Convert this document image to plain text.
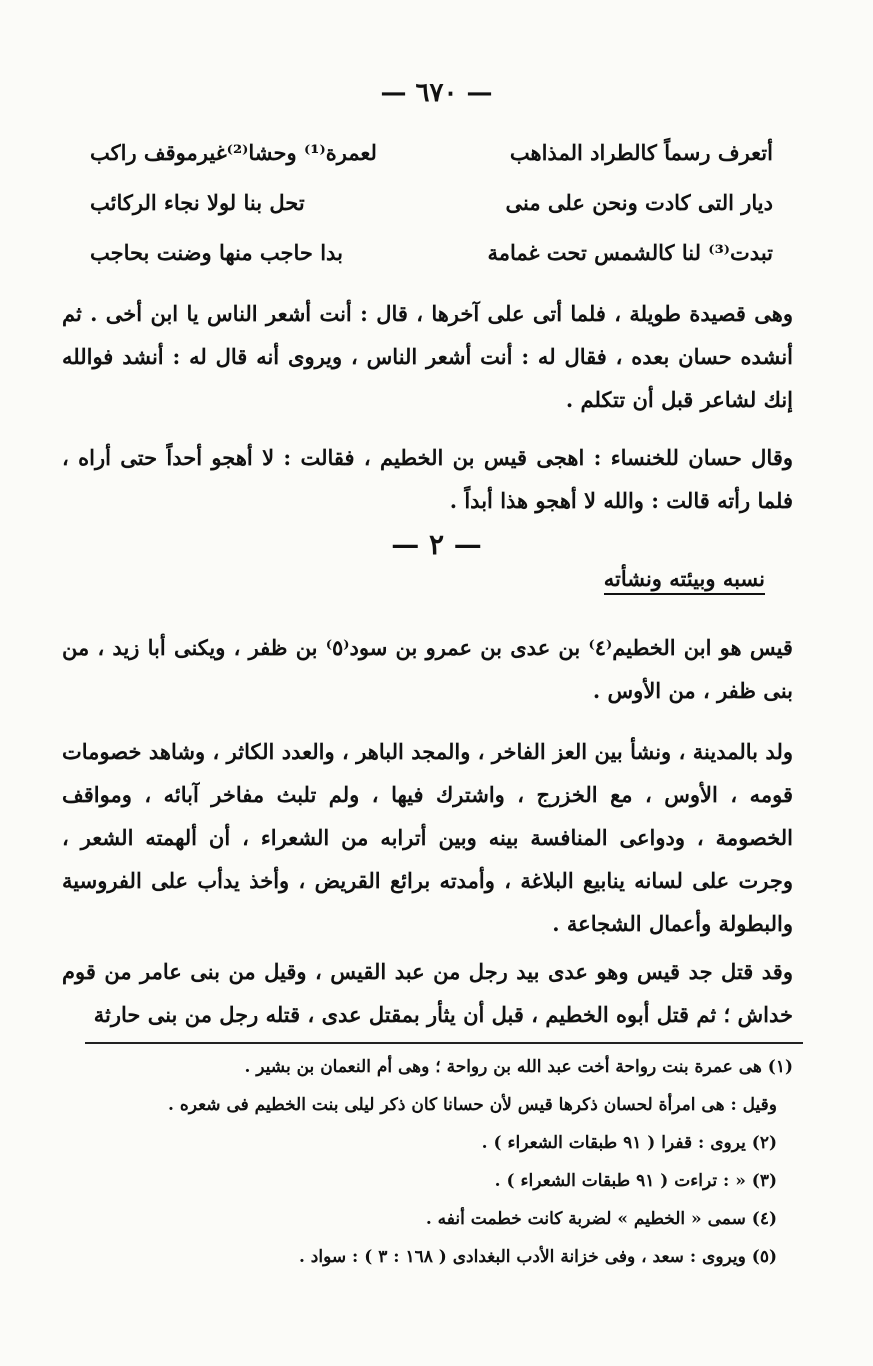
— ٦٧٠ —
أتعرف رسماً كالطراد المذاهب
لعمرة⁽¹⁾ وحشا⁽²⁾غيرموقف راكب
ديار التى كادت ونحن على منى
تحل بنا لولا نجاء الركائب
تبدت⁽³⁾ لنا كالشمس تحت غمامة
بدا حاجب منها وضنت بحاجب

وهى قصيدة طويلة ، فلما أتى على آخرها ، قال : أنت أشعر الناس يا ابن أخى . ثم أنشده حسان بعده ، فقال له : أنت أشعر الناس ، ويروى أنه قال له : أنشد فوالله إنك لشاعر قبل أن تتكلم .

وقال حسان للخنساء : اهجى قيس بن الخطيم ، فقالت : لا أهجو أحداً حتى أراه ، فلما رأته قالت : والله لا أهجو هذا أبداً .

— ٢ —
نسبه وبيئته ونشأته

قيس هو ابن الخطيم⁽٤⁾ بن عدى بن عمرو بن سود⁽٥⁾ بن ظفر ، ويكنى أبا زيد ، من بنى ظفر ، من الأوس .

ولد بالمدينة ، ونشأ بين العز الفاخر ، والمجد الباهر ، والعدد الكاثر ، وشاهد خصومات قومه ، الأوس ، مع الخزرج ، واشترك فيها ، ولم تلبث مفاخر آبائه ، ومواقف الخصومة ، ودواعى المنافسة بينه وبين أترابه من الشعراء ، أن ألهمته الشعر ، وجرت على لسانه ينابيع البلاغة ، وأمدته برائع القريض ، وأخذ يدأب على الفروسية والبطولة وأعمال الشجاعة .

وقد قتل جد قيس وهو عدى بيد رجل من عبد القيس ، وقيل من بنى عامر من قوم خداش ؛ ثم قتل أبوه الخطيم ، قبل أن يثأر بمقتل عدى ، قتله رجل من بنى حارثة

(١) هى عمرة بنت رواحة أخت عبد الله بن رواحة ؛ وهى أم النعمان بن بشير .
وقيل : هى امرأة لحسان ذكرها قيس لأن حسانا كان ذكر ليلى بنت الخطيم فى شعره .
(٢) يروى : قفرا ( ٩١ طبقات الشعراء ) .
(٣) « : تراءت ( ٩١ طبقات الشعراء ) .
(٤) سمى « الخطيم » لضربة كانت خطمت أنفه .
(٥) ويروى : سعد ، وفى خزانة الأدب البغدادى ( ١٦٨ : ٣ ) : سواد .
